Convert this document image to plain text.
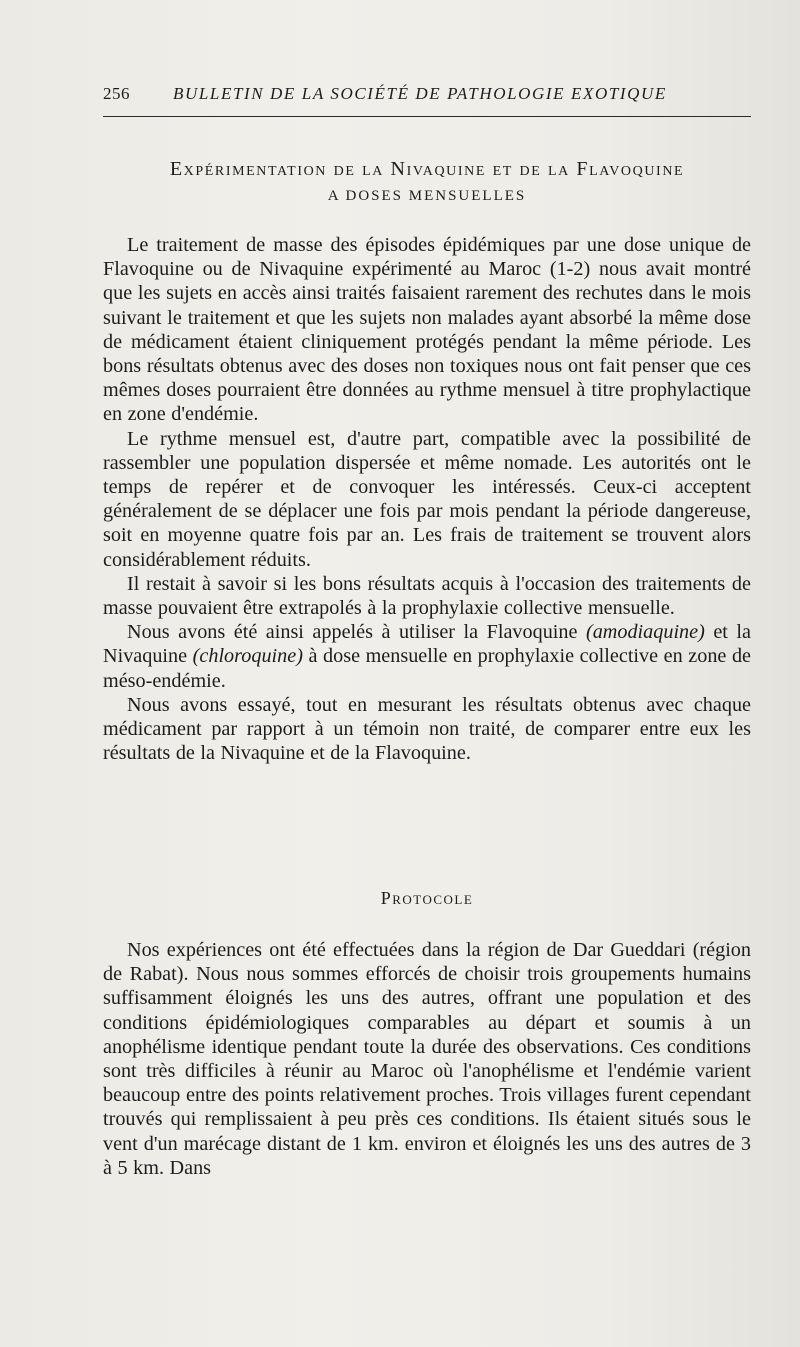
256	BULLETIN DE LA SOCIÉTÉ DE PATHOLOGIE EXOTIQUE
Expérimentation de la Nivaquine et de la Flavoquine
A DOSES MENSUELLES

Le traitement de masse des épisodes épidémiques par une dose unique de Flavoquine ou de Nivaquine expérimenté au Maroc (1-2) nous avait montré que les sujets en accès ainsi traités faisaient rarement des rechutes dans le mois suivant le traitement et que les sujets non malades ayant absorbé la même dose de médicament étaient cliniquement protégés pendant la même période. Les bons résultats obtenus avec des doses non toxiques nous ont fait penser que ces mêmes doses pourraient être données au rythme mensuel à titre prophylactique en zone d'endémie.

Le rythme mensuel est, d'autre part, compatible avec la possibilité de rassembler une population dispersée et même nomade. Les autorités ont le temps de repérer et de convoquer les intéressés. Ceux-ci acceptent généralement de se déplacer une fois par mois pendant la période dangereuse, soit en moyenne quatre fois par an. Les frais de traitement se trouvent alors considérablement réduits.

Il restait à savoir si les bons résultats acquis à l'occasion des traitements de masse pouvaient être extrapolés à la prophylaxie collective mensuelle.

Nous avons été ainsi appelés à utiliser la Flavoquine (amodiaquine) et la Nivaquine (chloroquine) à dose mensuelle en prophylaxie collective en zone de méso-endémie.

Nous avons essayé, tout en mesurant les résultats obtenus avec chaque médicament par rapport à un témoin non traité, de comparer entre eux les résultats de la Nivaquine et de la Flavoquine.

Protocole

Nos expériences ont été effectuées dans la région de Dar Gueddari (région de Rabat). Nous nous sommes efforcés de choisir trois groupements humains suffisamment éloignés les uns des autres, offrant une population et des conditions épidémiologiques comparables au départ et soumis à un anophélisme identique pendant toute la durée des observations. Ces conditions sont très difficiles à réunir au Maroc où l'anophélisme et l'endémie varient beaucoup entre des points relativement proches. Trois villages furent cependant trouvés qui remplissaient à peu près ces conditions. Ils étaient situés sous le vent d'un marécage distant de 1 km. environ et éloignés les uns des autres de 3 à 5 km. Dans
